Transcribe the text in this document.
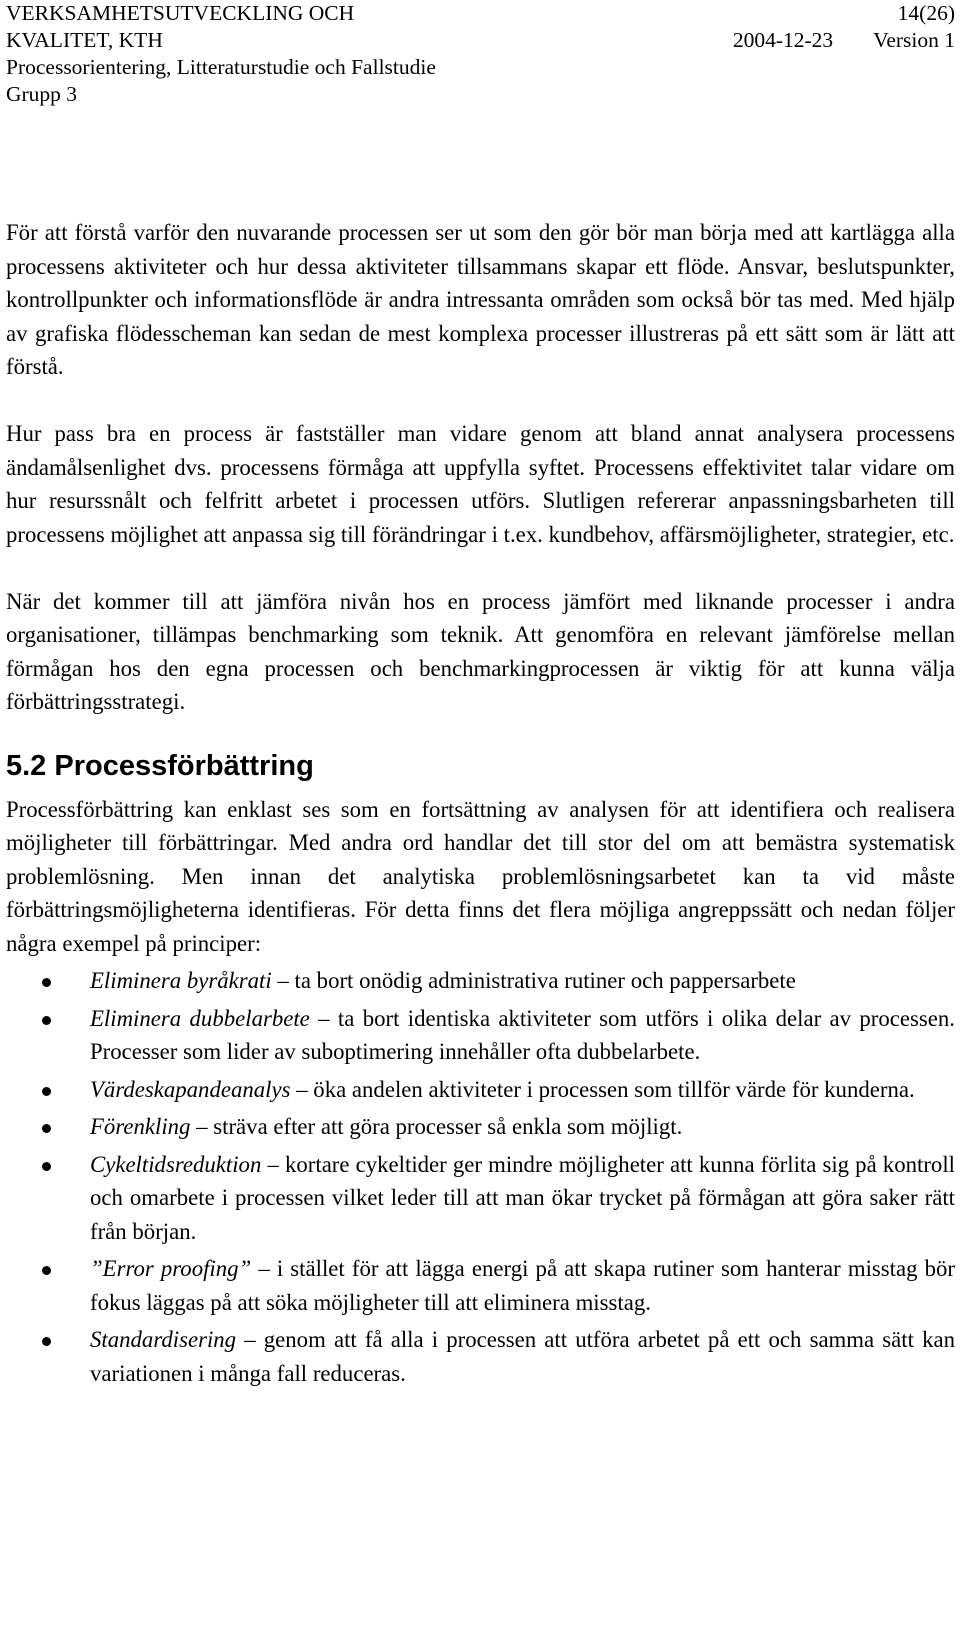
VERKSAMHETSUTVECKLING OCH	14(26)
KVALITET, KTH	2004-12-23 Version 1
Processorientering, Litteraturstudie och Fallstudie
Grupp 3

För att förstå varför den nuvarande processen ser ut som den gör bör man börja med att kartlägga alla processens aktiviteter och hur dessa aktiviteter tillsammans skapar ett flöde. Ansvar, beslutspunkter, kontrollpunkter och informationsflöde är andra intressanta områden som också bör tas med. Med hjälp av grafiska flödesscheman kan sedan de mest komplexa processer illustreras på ett sätt som är lätt att förstå.

Hur pass bra en process är fastställer man vidare genom att bland annat analysera processens ändamålsenlighet dvs. processens förmåga att uppfylla syftet. Processens effektivitet talar vidare om hur resurssnålt och felfritt arbetet i processen utförs. Slutligen refererar anpassningsbarheten till processens möjlighet att anpassa sig till förändringar i t.ex. kundbehov, affärsmöjligheter, strategier, etc.

När det kommer till att jämföra nivån hos en process jämfört med liknande processer i andra organisationer, tillämpas benchmarking som teknik. Att genomföra en relevant jämförelse mellan förmågan hos den egna processen och benchmarkingprocessen är viktig för att kunna välja förbättringsstrategi.

5.2 Processförbättring

Processförbättring kan enklast ses som en fortsättning av analysen för att identifiera och realisera möjligheter till förbättringar. Med andra ord handlar det till stor del om att bemästra systematisk problemlösning. Men innan det analytiska problemlösningsarbetet kan ta vid måste förbättringsmöjligheterna identifieras. För detta finns det flera möjliga angreppssätt och nedan följer några exempel på principer:

Eliminera byråkrati – ta bort onödig administrativa rutiner och pappersarbete
Eliminera dubbelarbete – ta bort identiska aktiviteter som utförs i olika delar av processen. Processer som lider av suboptimering innehåller ofta dubbelarbete.
Värdeskapandeanalys – öka andelen aktiviteter i processen som tillför värde för kunderna.
Förenkling – sträva efter att göra processer så enkla som möjligt.
Cykeltidsreduktion – kortare cykeltider ger mindre möjligheter att kunna förlita sig på kontroll och omarbete i processen vilket leder till att man ökar trycket på förmågan att göra saker rätt från början.
”Error proofing” – i stället för att lägga energi på att skapa rutiner som hanterar misstag bör fokus läggas på att söka möjligheter till att eliminera misstag.
Standardisering – genom att få alla i processen att utföra arbetet på ett och samma sätt kan variationen i många fall reduceras.
